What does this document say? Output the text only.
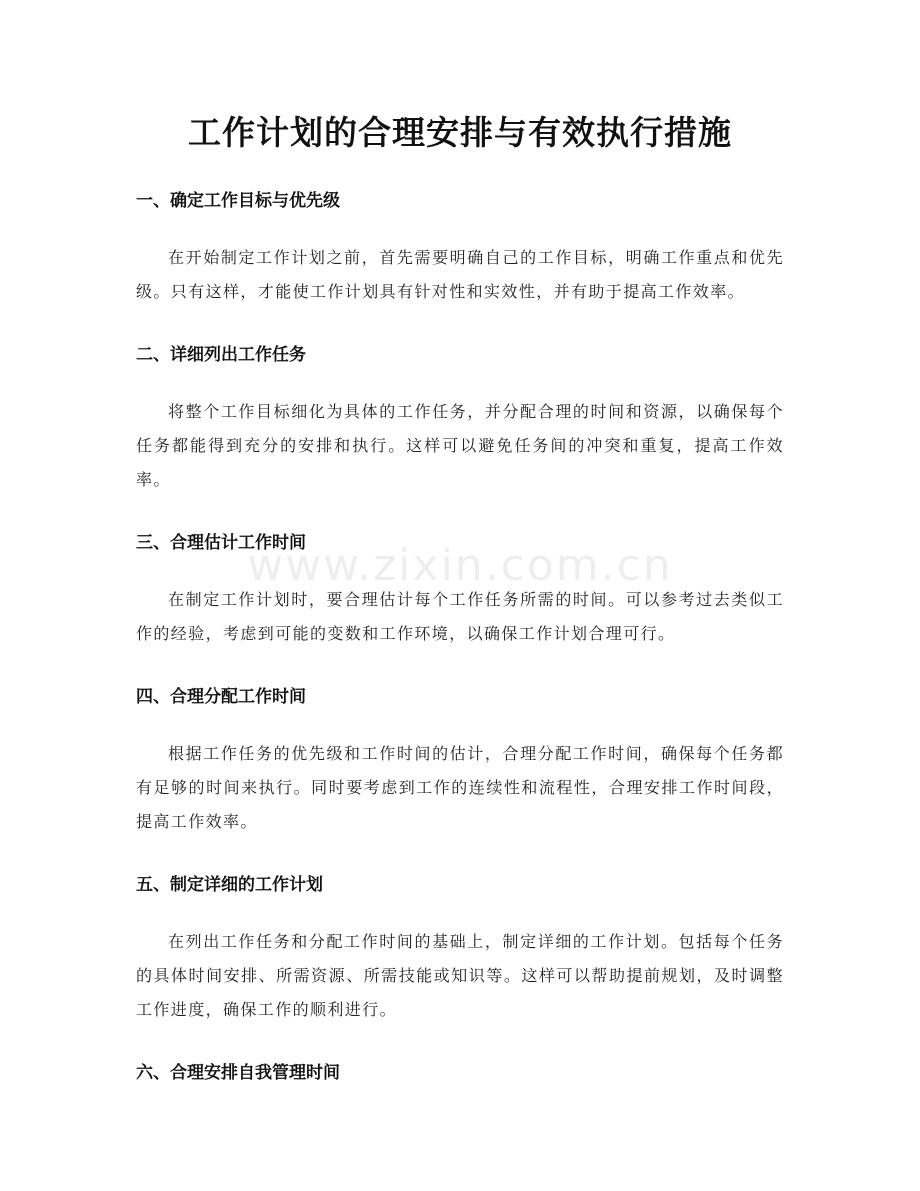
工作计划的合理安排与有效执行措施
一、确定工作目标与优先级

在开始制定工作计划之前，首先需要明确自己的工作目标，明确工作重点和优先级。只有这样，才能使工作计划具有针对性和实效性，并有助于提高工作效率。

二、详细列出工作任务

将整个工作目标细化为具体的工作任务，并分配合理的时间和资源，以确保每个任务都能得到充分的安排和执行。这样可以避免任务间的冲突和重复，提高工作效率。

三、合理估计工作时间

在制定工作计划时，要合理估计每个工作任务所需的时间。可以参考过去类似工作的经验，考虑到可能的变数和工作环境，以确保工作计划合理可行。

四、合理分配工作时间

根据工作任务的优先级和工作时间的估计，合理分配工作时间，确保每个任务都有足够的时间来执行。同时要考虑到工作的连续性和流程性，合理安排工作时间段，提高工作效率。

五、制定详细的工作计划

在列出工作任务和分配工作时间的基础上，制定详细的工作计划。包括每个任务的具体时间安排、所需资源、所需技能或知识等。这样可以帮助提前规划，及时调整工作进度，确保工作的顺利进行。

六、合理安排自我管理时间
www.zixin.com.cn
